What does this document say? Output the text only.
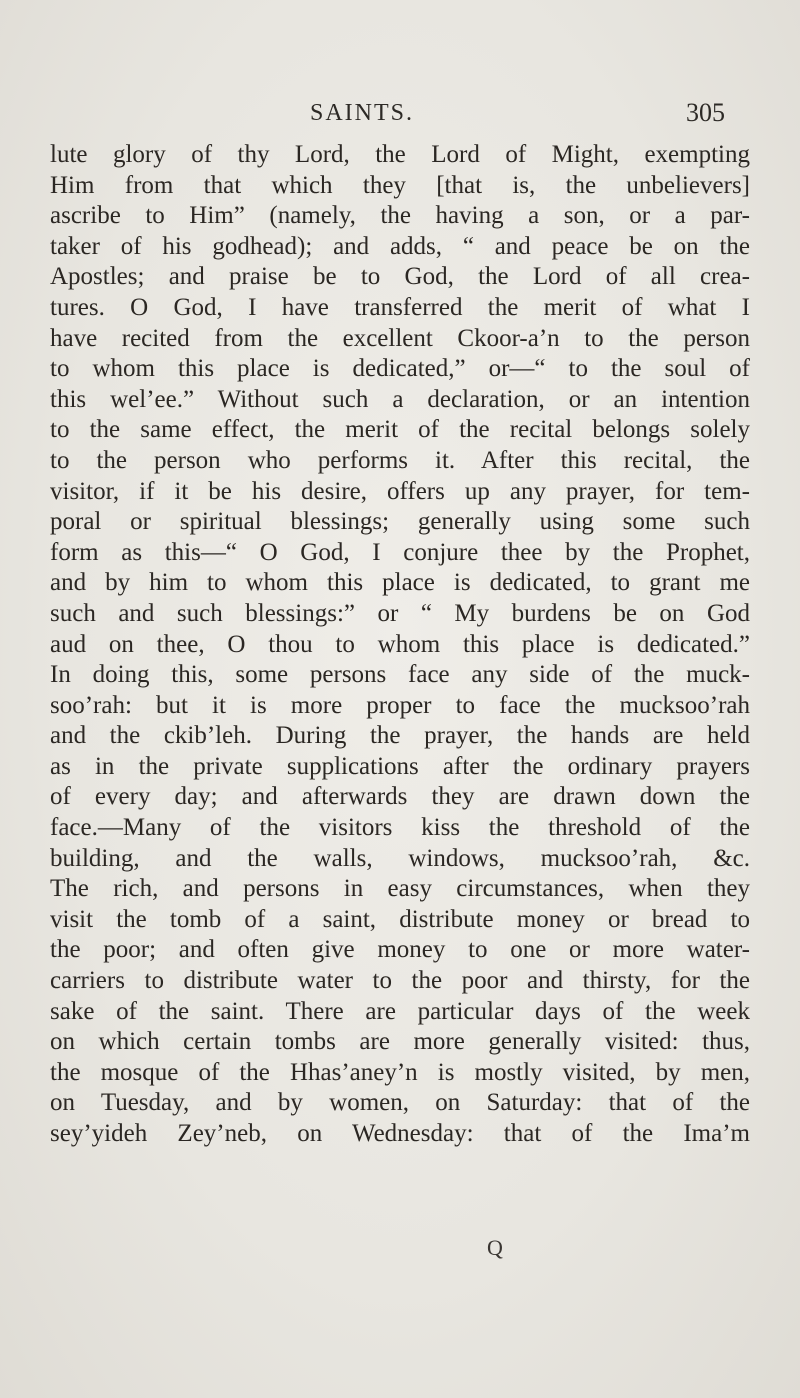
SAINTS.	305
lute glory of thy Lord, the Lord of Might, exempting
Him from that which they [that is, the unbelievers]
ascribe to Him” (namely, the having a son, or a par-
taker of his godhead); and adds, “ and peace be on the
Apostles; and praise be to God, the Lord of all crea-
tures. O God, I have transferred the merit of what I
have recited from the excellent Ckoor-a’n to the person
to whom this place is dedicated,” or—“ to the soul of
this wel’ee.” Without such a declaration, or an intention
to the same effect, the merit of the recital belongs solely
to the person who performs it. After this recital, the
visitor, if it be his desire, offers up any prayer, for tem-
poral or spiritual blessings; generally using some such
form as this—“ O God, I conjure thee by the Prophet,
and by him to whom this place is dedicated, to grant me
such and such blessings:” or “ My burdens be on God
aud on thee, O thou to whom this place is dedicated.”
In doing this, some persons face any side of the muck-
soo’rah: but it is more proper to face the mucksoo’rah
and the ckib’leh. During the prayer, the hands are held
as in the private supplications after the ordinary prayers
of every day; and afterwards they are drawn down the
face.—Many of the visitors kiss the threshold of the
building, and the walls, windows, mucksoo’rah, &c.
The rich, and persons in easy circumstances, when they
visit the tomb of a saint, distribute money or bread to
the poor; and often give money to one or more water-
carriers to distribute water to the poor and thirsty, for the
sake of the saint. There are particular days of the week
on which certain tombs are more generally visited: thus,
the mosque of the Hhas’aney’n is mostly visited, by men,
on Tuesday, and by women, on Saturday: that of the
sey’yideh Zey’neb, on Wednesday: that of the Ima’m
Q
